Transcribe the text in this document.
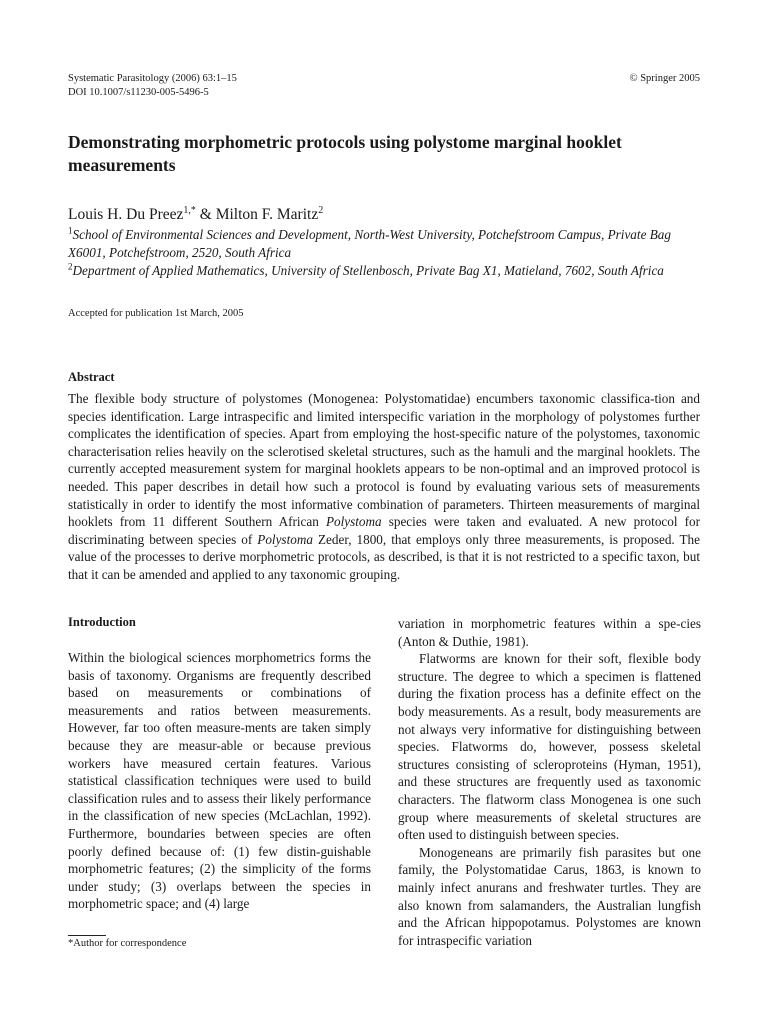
Systematic Parasitology (2006) 63:1–15
DOI 10.1007/s11230-005-5496-5
© Springer 2005
Demonstrating morphometric protocols using polystome marginal hooklet measurements
Louis H. Du Preez$^{1,*}$ & Milton F. Maritz$^2$
$^1$School of Environmental Sciences and Development, North-West University, Potchefstroom Campus, Private Bag X6001, Potchefstroom, 2520, South Africa
$^2$Department of Applied Mathematics, University of Stellenbosch, Private Bag X1, Matieland, 7602, South Africa
Accepted for publication 1st March, 2005
Abstract
The flexible body structure of polystomes (Monogenea: Polystomatidae) encumbers taxonomic classifica-tion and species identification. Large intraspecific and limited interspecific variation in the morphology of polystomes further complicates the identification of species. Apart from employing the host-specific nature of the polystomes, taxonomic characterisation relies heavily on the sclerotised skeletal structures, such as the hamuli and the marginal hooklets. The currently accepted measurement system for marginal hooklets appears to be non-optimal and an improved protocol is needed. This paper describes in detail how such a protocol is found by evaluating various sets of measurements statistically in order to identify the most informative combination of parameters. Thirteen measurements of marginal hooklets from 11 different Southern African Polystoma species were taken and evaluated. A new protocol for discriminating between species of Polystoma Zeder, 1800, that employs only three measurements, is proposed. The value of the processes to derive morphometric protocols, as described, is that it is not restricted to a specific taxon, but that it can be amended and applied to any taxonomic grouping.
Introduction

Within the biological sciences morphometrics forms the basis of taxonomy. Organisms are frequently described based on measurements or combinations of measurements and ratios between measurements. However, far too often measure-ments are taken simply because they are measur-able or because previous workers have measured certain features. Various statistical classification techniques were used to build classification rules and to assess their likely performance in the classification of new species (McLachlan, 1992). Furthermore, boundaries between species are often poorly defined because of: (1) few distin-guishable morphometric features; (2) the simplicity of the forms under study; (3) overlaps between the species in morphometric space; and (4) large

variation in morphometric features within a spe-cies (Anton & Duthie, 1981).

Flatworms are known for their soft, flexible body structure. The degree to which a specimen is flattened during the fixation process has a definite effect on the body measurements. As a result, body measurements are not always very informative for distinguishing between species. Flatworms do, however, possess skeletal structures consisting of scleroproteins (Hyman, 1951), and these structures are frequently used as taxonomic characters. The flatworm class Monogenea is one such group where measurements of skeletal structures are often used to distinguish between species.

Monogeneans are primarily fish parasites but one family, the Polystomatidae Carus, 1863, is known to mainly infect anurans and freshwater turtles. They are also known from salamanders, the Australian lungfish and the African hippopotamus. Polystomes are known for intraspecific variation

*Author for correspondence
